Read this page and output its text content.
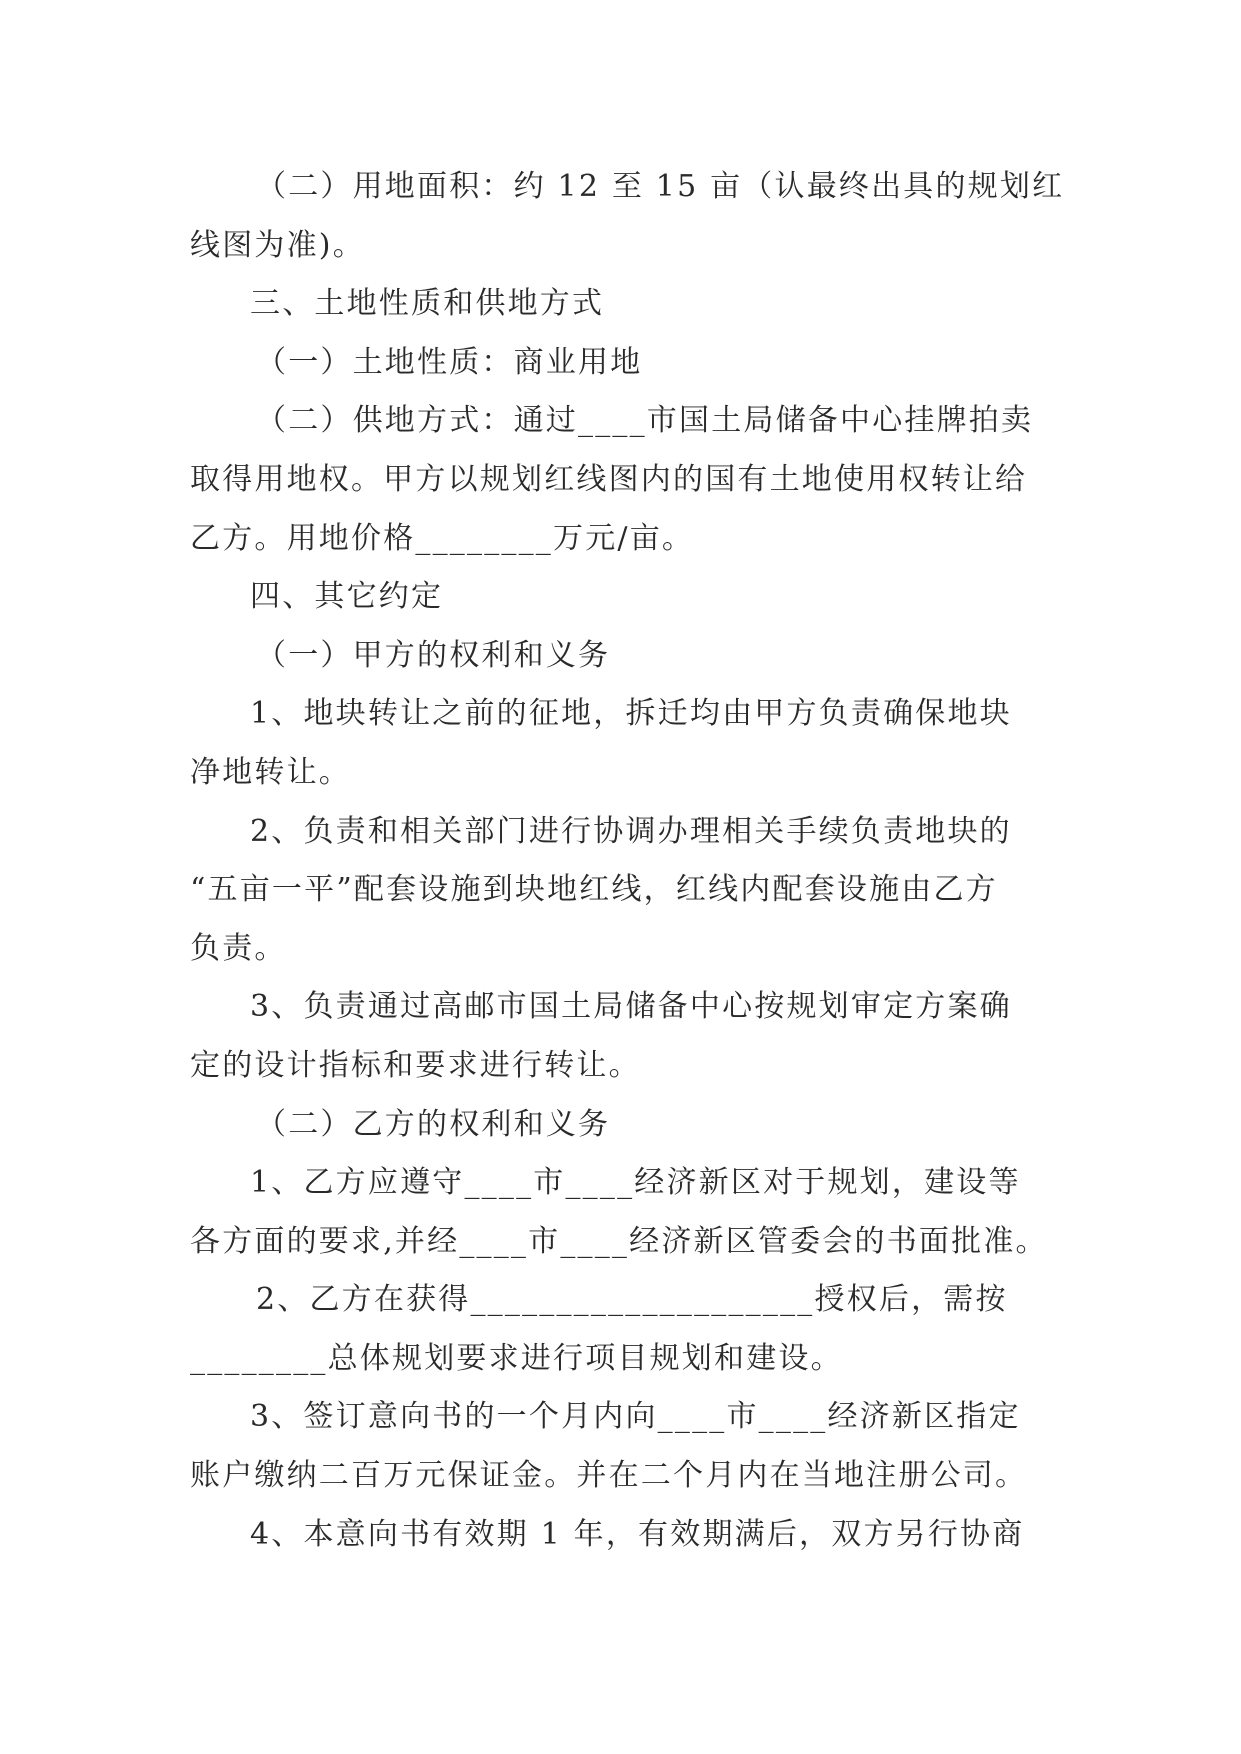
（二）用地面积：约 12 至 15 亩（认最终出具的规划红
线图为准)。
三、土地性质和供地方式
（一）土地性质：商业用地
（二）供地方式：通过____市国土局储备中心挂牌拍卖
取得用地权。甲方以规划红线图内的国有土地使用权转让给
乙方。用地价格________万元/亩。
四、其它约定
（一）甲方的权利和义务
1、地块转让之前的征地，拆迁均由甲方负责确保地块
净地转让。
2、负责和相关部门进行协调办理相关手续负责地块的
“五亩一平”配套设施到块地红线，红线内配套设施由乙方
负责。
3、负责通过高邮市国土局储备中心按规划审定方案确
定的设计指标和要求进行转让。
（二）乙方的权利和义务
1、乙方应遵守____市____经济新区对于规划，建设等
各方面的要求,并经____市____经济新区管委会的书面批准。
2、乙方在获得____________________授权后，需按
________总体规划要求进行项目规划和建设。
3、签订意向书的一个月内向____市____经济新区指定
账户缴纳二百万元保证金。并在二个月内在当地注册公司。
4、本意向书有效期 1 年，有效期满后，双方另行协商
